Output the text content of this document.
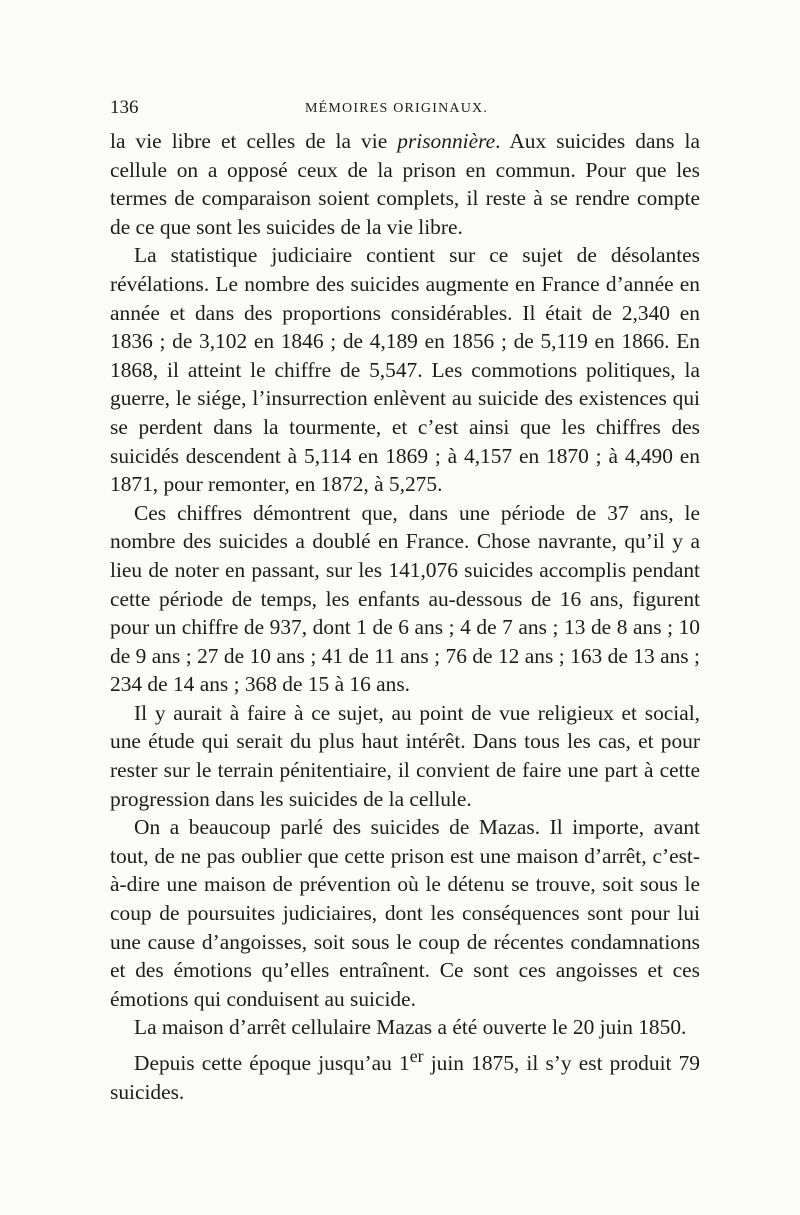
136	MÉMOIRES ORIGINAUX.

la vie libre et celles de la vie prisonnière. Aux suicides dans la cellule on a opposé ceux de la prison en commun. Pour que les termes de comparaison soient complets, il reste à se rendre compte de ce que sont les suicides de la vie libre.

La statistique judiciaire contient sur ce sujet de désolantes révélations. Le nombre des suicides augmente en France d’année en année et dans des proportions considérables. Il était de 2,340 en 1836 ; de 3,102 en 1846 ; de 4,189 en 1856 ; de 5,119 en 1866. En 1868, il atteint le chiffre de 5,547. Les commotions politiques, la guerre, le siége, l’insurrection enlèvent au suicide des existences qui se perdent dans la tourmente, et c’est ainsi que les chiffres des suicidés descendent à 5,114 en 1869 ; à 4,157 en 1870 ; à 4,490 en 1871, pour remonter, en 1872, à 5,275.

Ces chiffres démontrent que, dans une période de 37 ans, le nombre des suicides a doublé en France. Chose navrante, qu’il y a lieu de noter en passant, sur les 141,076 suicides accomplis pendant cette période de temps, les enfants au-dessous de 16 ans, figurent pour un chiffre de 937, dont 1 de 6 ans ; 4 de 7 ans ; 13 de 8 ans ; 10 de 9 ans ; 27 de 10 ans ; 41 de 11 ans ; 76 de 12 ans ; 163 de 13 ans ; 234 de 14 ans ; 368 de 15 à 16 ans.

Il y aurait à faire à ce sujet, au point de vue religieux et social, une étude qui serait du plus haut intérêt. Dans tous les cas, et pour rester sur le terrain pénitentiaire, il convient de faire une part à cette progression dans les suicides de la cellule.

On a beaucoup parlé des suicides de Mazas. Il importe, avant tout, de ne pas oublier que cette prison est une maison d’arrêt, c’est-à-dire une maison de prévention où le détenu se trouve, soit sous le coup de poursuites judiciaires, dont les conséquences sont pour lui une cause d’angoisses, soit sous le coup de récentes condamnations et des émotions qu’elles entraînent. Ce sont ces angoisses et ces émotions qui conduisent au suicide.

La maison d’arrêt cellulaire Mazas a été ouverte le 20 juin 1850.

Depuis cette époque jusqu’au 1er juin 1875, il s’y est produit 79 suicides.
